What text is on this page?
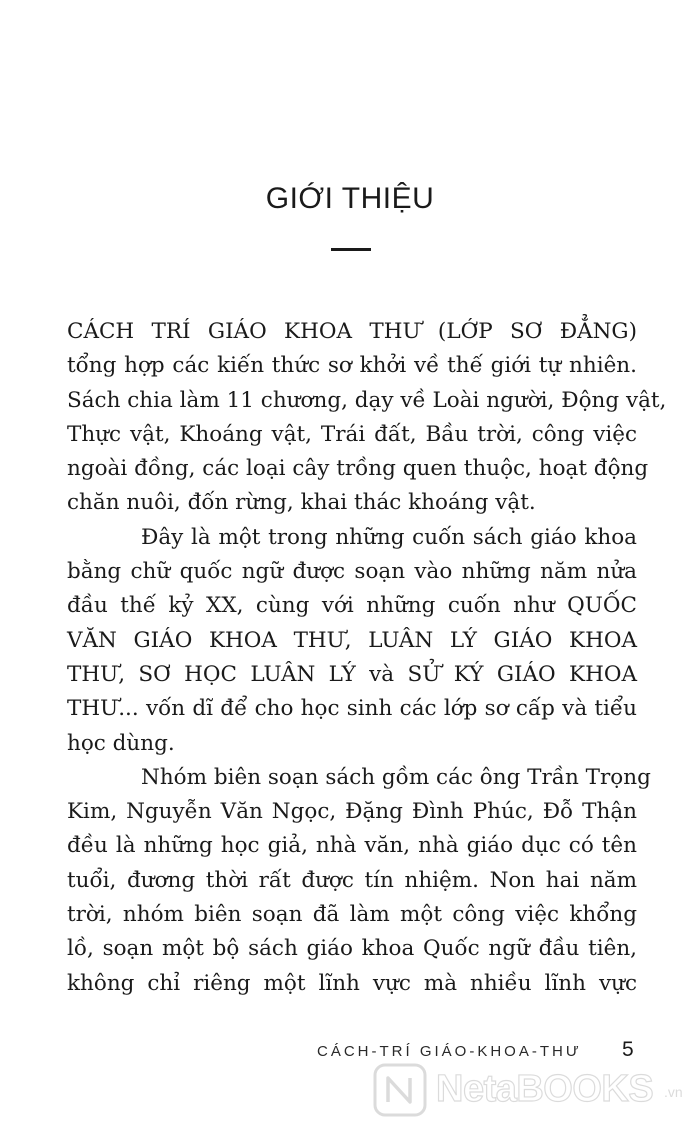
GIỚI THIỆU

CÁCH TRÍ GIÁO KHOA THƯ (LỚP SƠ ĐẲNG)
tổng hợp các kiến thức sơ khởi về thế giới tự nhiên.
Sách chia làm 11 chương, dạy về Loài người, Động vật,
Thực vật, Khoáng vật, Trái đất, Bầu trời, công việc
ngoài đồng, các loại cây trồng quen thuộc, hoạt động
chăn nuôi, đốn rừng, khai thác khoáng vật.

Đây là một trong những cuốn sách giáo khoa
bằng chữ quốc ngữ được soạn vào những năm nửa
đầu thế kỷ XX, cùng với những cuốn như QUỐC
VĂN GIÁO KHOA THƯ, LUÂN LÝ GIÁO KHOA
THƯ, SƠ HỌC LUÂN LÝ và SỬ KÝ GIÁO KHOA
THƯ... vốn dĩ để cho học sinh các lớp sơ cấp và tiểu
học dùng.

Nhóm biên soạn sách gồm các ông Trần Trọng
Kim, Nguyễn Văn Ngọc, Đặng Đình Phúc, Đỗ Thận
đều là những học giả, nhà văn, nhà giáo dục có tên
tuổi, đương thời rất được tín nhiệm. Non hai năm
trời, nhóm biên soạn đã làm một công việc khổng
lồ, soạn một bộ sách giáo khoa Quốc ngữ đầu tiên,
không chỉ riêng một lĩnh vực mà nhiều lĩnh vực

CÁCH-TRÍ GIÁO-KHOA-THƯ 5
NetaBOOKS .vn
